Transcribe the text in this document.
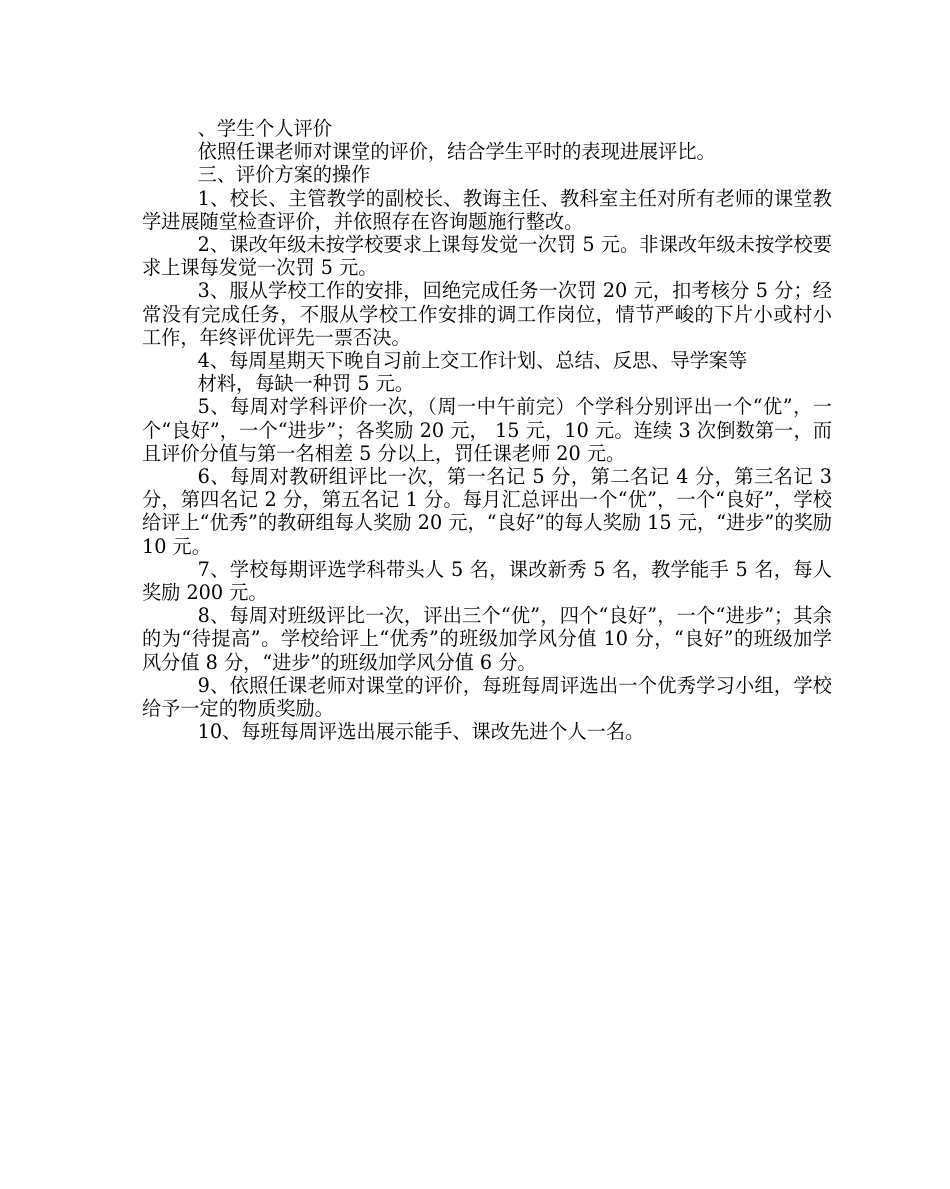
、学生个人评价

依照任课老师对课堂的评价，结合学生平时的表现进展评比。

三、评价方案的操作

1、校长、主管教学的副校长、教诲主任、教科室主任对所有老师的课堂教学进展随堂检查评价，并依照存在咨询题施行整改。

2、课改年级未按学校要求上课每发觉一次罚 5 元。非课改年级未按学校要求上课每发觉一次罚 5 元。

3、服从学校工作的安排，回绝完成任务一次罚 20 元，扣考核分 5 分；经常没有完成任务，不服从学校工作安排的调工作岗位，情节严峻的下片小或村小工作，年终评优评先一票否决。

4、每周星期天下晚自习前上交工作计划、总结、反思、导学案等

材料，每缺一种罚 5 元。

5、每周对学科评价一次，（周一中午前完）个学科分别评出一个“优”，一个“良好”，一个“进步”；各奖励 20 元， 15 元，10 元。连续 3 次倒数第一，而且评价分值与第一名相差 5 分以上，罚任课老师 20 元。

6、每周对教研组评比一次，第一名记 5 分，第二名记 4 分，第三名记 3 分，第四名记 2 分，第五名记 1 分。每月汇总评出一个“优”，一个“良好”，学校给评上“优秀”的教研组每人奖励 20 元，“良好”的每人奖励 15 元，“进步”的奖励 10 元。

7、学校每期评选学科带头人 5 名，课改新秀 5 名，教学能手 5 名，每人奖励 200 元。

8、每周对班级评比一次，评出三个“优”，四个“良好”，一个“进步”；其余的为“待提高”。学校给评上“优秀”的班级加学风分值 10 分，“良好”的班级加学风分值 8 分，“进步”的班级加学风分值 6 分。

9、依照任课老师对课堂的评价，每班每周评选出一个优秀学习小组，学校给予一定的物质奖励。

10、每班每周评选出展示能手、课改先进个人一名。
